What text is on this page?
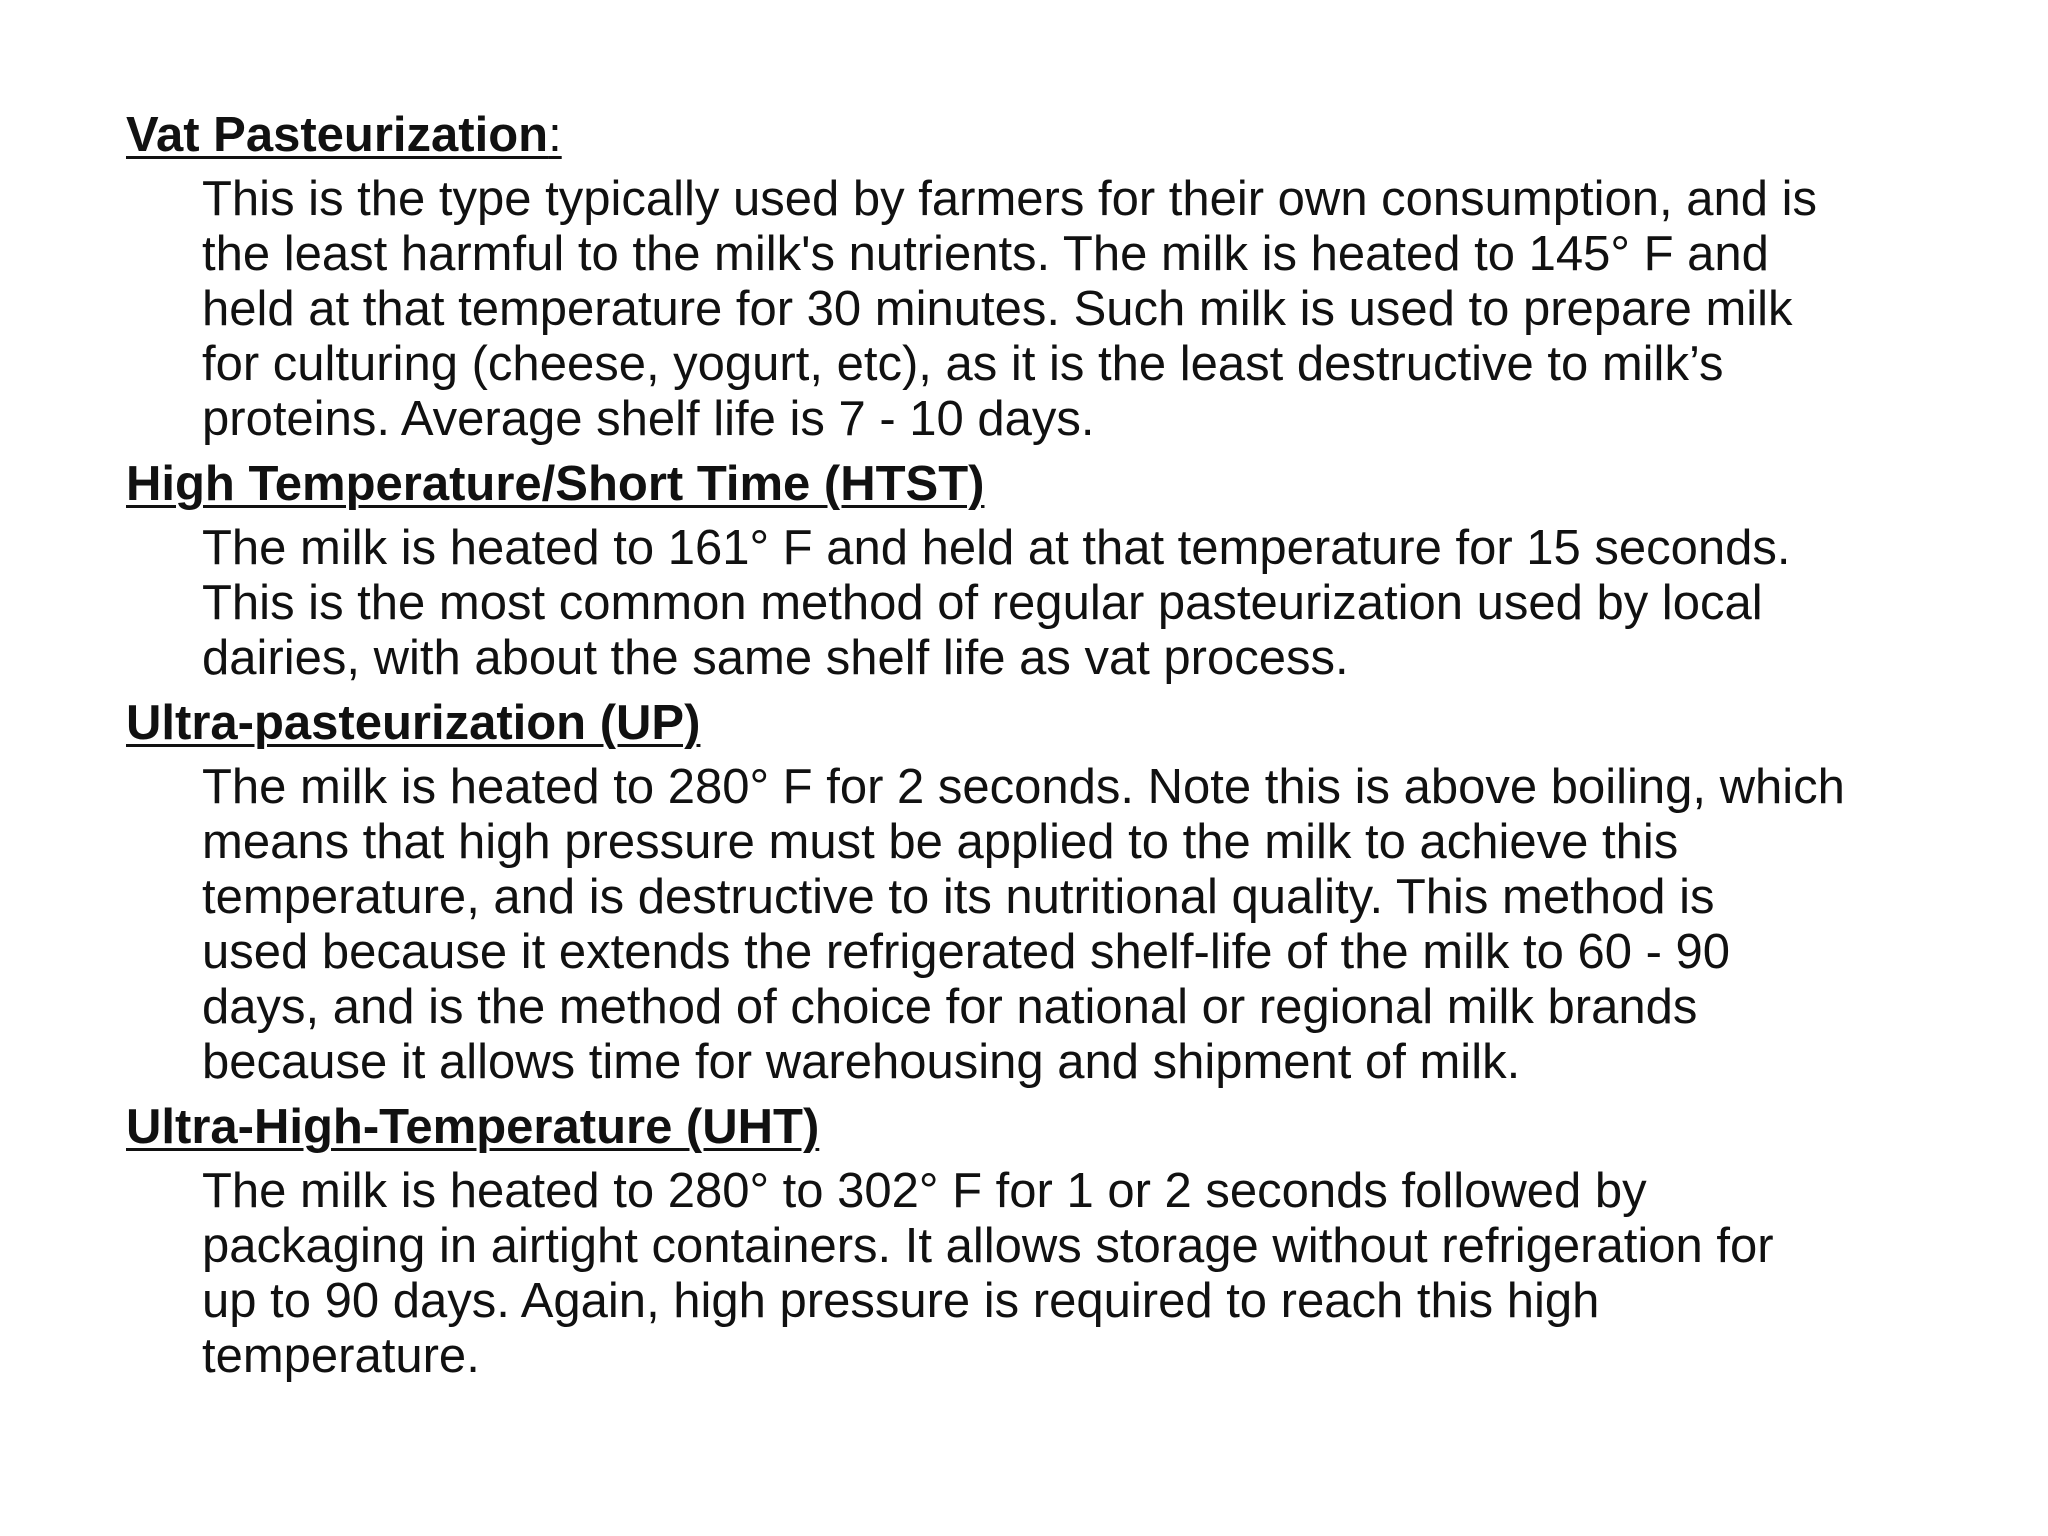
Vat Pasteurization:
This is the type typically used by farmers for their own consumption, and is
the least harmful to the milk's nutrients. The milk is heated to 145° F and
held at that temperature for 30 minutes. Such milk is used to prepare milk
for culturing (cheese, yogurt, etc), as it is the least destructive to milk’s
proteins. Average shelf life is 7 - 10 days.
High Temperature/Short Time (HTST)
The milk is heated to 161° F and held at that temperature for 15 seconds.
This is the most common method of regular pasteurization used by local
dairies, with about the same shelf life as vat process.
Ultra-pasteurization (UP)
The milk is heated to 280° F for 2 seconds. Note this is above boiling, which
means that high pressure must be applied to the milk to achieve this
temperature, and is destructive to its nutritional quality. This method is
used because it extends the refrigerated shelf-life of the milk to 60 - 90
days, and is the method of choice for national or regional milk brands
because it allows time for warehousing and shipment of milk.
Ultra-High-Temperature (UHT)
The milk is heated to 280° to 302° F for 1 or 2 seconds followed by
packaging in airtight containers. It allows storage without refrigeration for
up to 90 days. Again, high pressure is required to reach this high
temperature.
